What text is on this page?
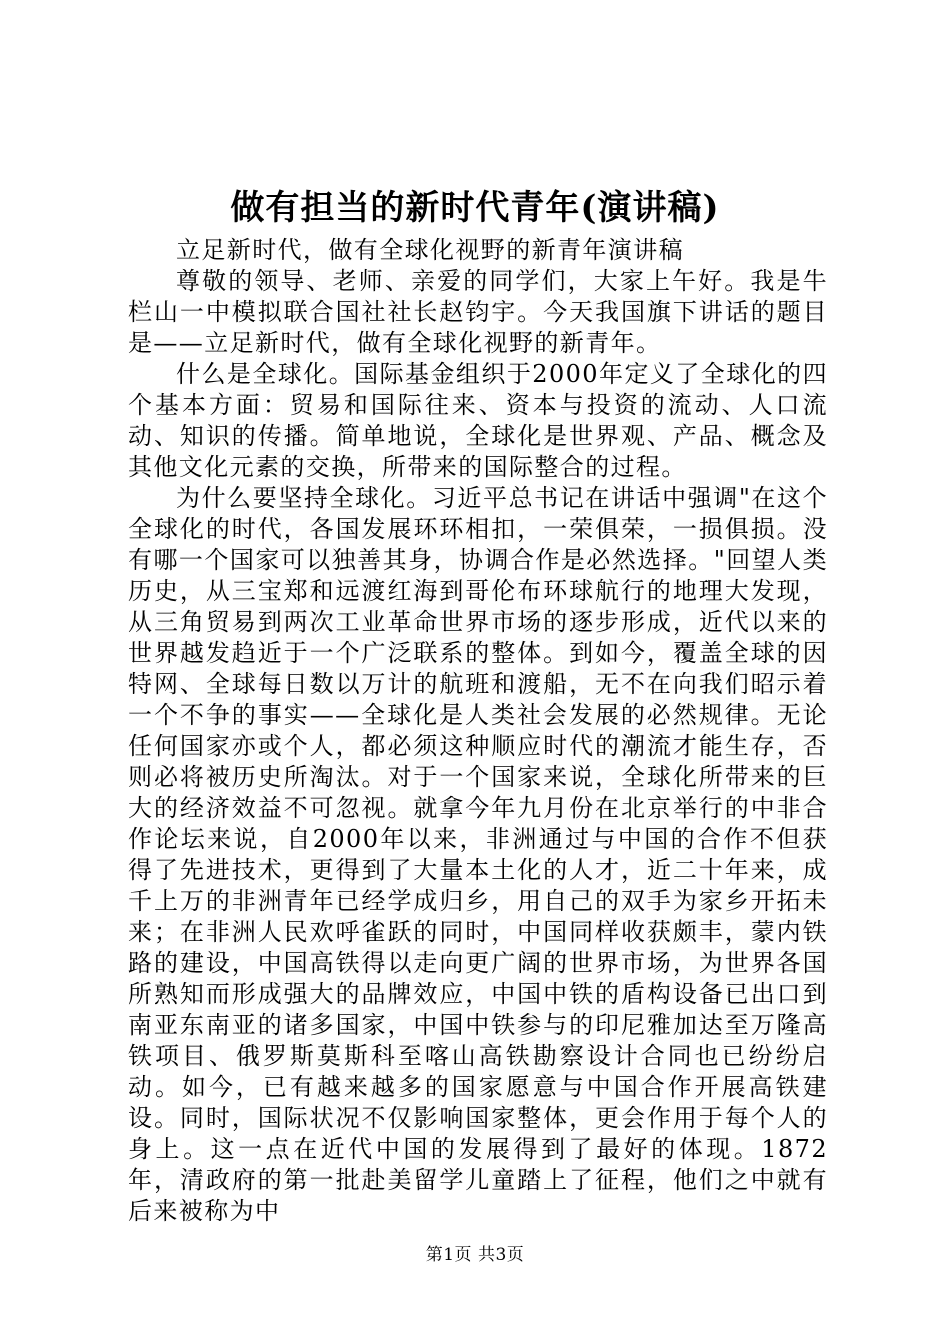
做有担当的新时代青年(演讲稿)

立足新时代，做有全球化视野的新青年演讲稿

尊敬的领导、老师、亲爱的同学们，大家上午好。我是牛栏山一中模拟联合国社社长赵钧宇。今天我国旗下讲话的题目是——立足新时代，做有全球化视野的新青年。

什么是全球化。国际基金组织于2000年定义了全球化的四个基本方面：贸易和国际往来、资本与投资的流动、人口流动、知识的传播。简单地说，全球化是世界观、产品、概念及其他文化元素的交换，所带来的国际整合的过程。

为什么要坚持全球化。习近平总书记在讲话中强调"在这个全球化的时代，各国发展环环相扣，一荣俱荣，一损俱损。没有哪一个国家可以独善其身，协调合作是必然选择。"回望人类历史，从三宝郑和远渡红海到哥伦布环球航行的地理大发现，从三角贸易到两次工业革命世界市场的逐步形成，近代以来的世界越发趋近于一个广泛联系的整体。到如今，覆盖全球的因特网、全球每日数以万计的航班和渡船，无不在向我们昭示着一个不争的事实——全球化是人类社会发展的必然规律。无论任何国家亦或个人，都必须这种顺应时代的潮流才能生存，否则必将被历史所淘汰。对于一个国家来说，全球化所带来的巨大的经济效益不可忽视。就拿今年九月份在北京举行的中非合作论坛来说，自2000年以来，非洲通过与中国的合作不但获得了先进技术，更得到了大量本土化的人才，近二十年来，成千上万的非洲青年已经学成归乡，用自己的双手为家乡开拓未来；在非洲人民欢呼雀跃的同时，中国同样收获颇丰，蒙内铁路的建设，中国高铁得以走向更广阔的世界市场，为世界各国所熟知而形成强大的品牌效应，中国中铁的盾构设备已出口到南亚东南亚的诸多国家，中国中铁参与的印尼雅加达至万隆高铁项目、俄罗斯莫斯科至喀山高铁勘察设计合同也已纷纷启动。如今，已有越来越多的国家愿意与中国合作开展高铁建设。同时，国际状况不仅影响国家整体，更会作用于每个人的身上。这一点在近代中国的发展得到了最好的体现。1872年，清政府的第一批赴美留学儿童踏上了征程，他们之中就有后来被称为中

第1页 共3页
